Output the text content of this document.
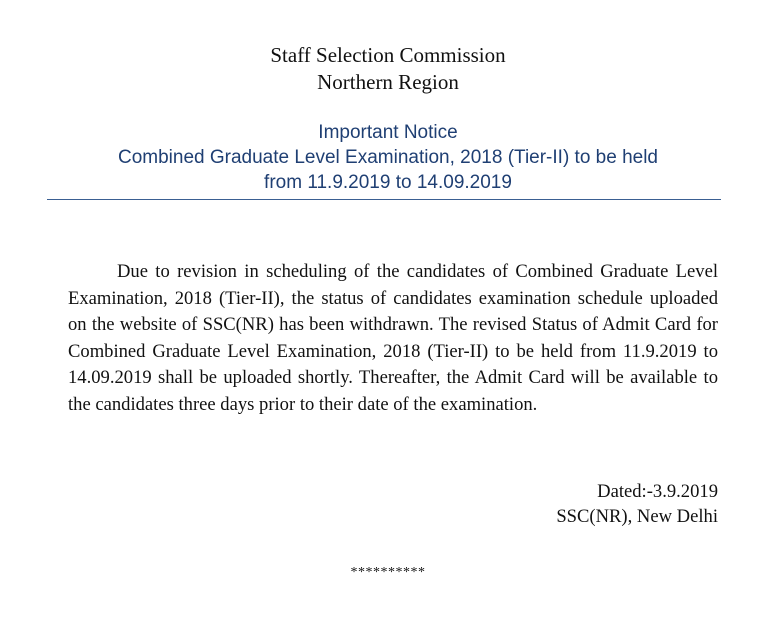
Staff Selection Commission
Northern Region
Important Notice
Combined Graduate Level Examination, 2018 (Tier-II) to be held
from 11.9.2019 to 14.09.2019

Due to revision in scheduling of the candidates of Combined Graduate Level Examination, 2018 (Tier-II), the status of candidates examination schedule uploaded on the website of SSC(NR) has been withdrawn. The revised Status of Admit Card for Combined Graduate Level Examination, 2018 (Tier-II) to be held from 11.9.2019 to 14.09.2019 shall be uploaded shortly. Thereafter, the Admit Card will be available to the candidates three days prior to their date of the examination.

Dated:-3.9.2019
SSC(NR), New Delhi
**********
